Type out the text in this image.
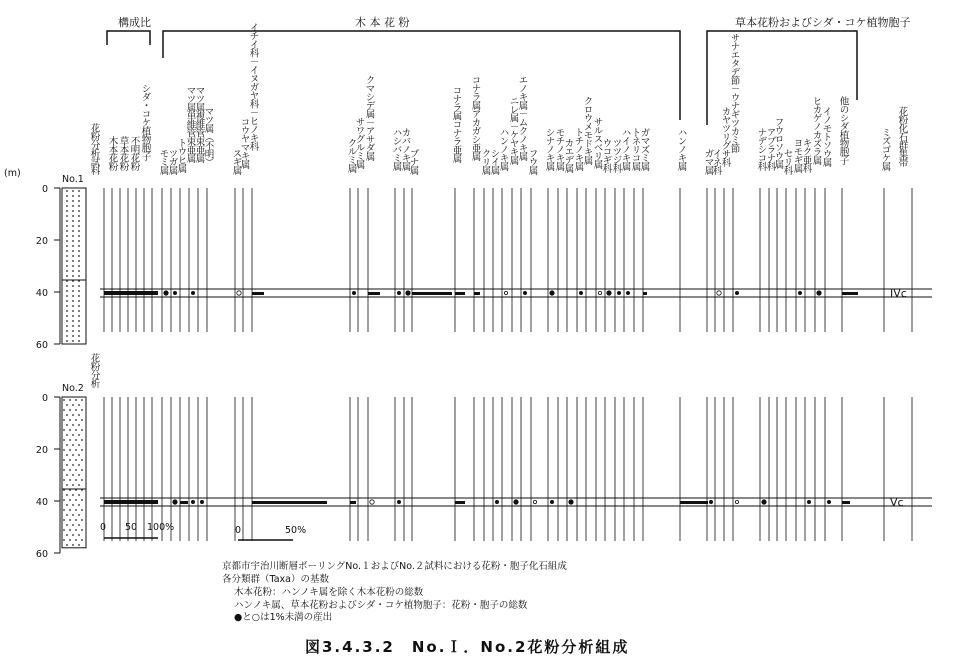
構成比	木 本 花 粉	草本花粉およびシダ・コケ植物胞子
モミ属
ツガ属
トウヒ属
マツ属単維管束亜属
マツ属複維管束亜属
マツ属（不明） スギ属
コウヤマキ属
イチイ科－イヌガヤ科－ヒノキ科
クルミ属
サワグルミ属 クマシデ属－アサダ属 ハシバミ属
カバノキ属
ブナ属	コナラ属コナラ亜属 コナラ属アカガシ亜属
クリ属
シイ属
ハンノキ属 ニレ属－ケヤキ属
エノキ属－ムクノキ属
フウ属 シナノキ属 モチノキ属
カエデ属 トチノキ属
クロウメモドキ属 サルスベリ属
ウコギ科 ツツジ科
ハイノキ属 トネリコ属
ガマズミ属	ハンノキ属 ガマ属
イネ科
カヤツリグサ科
サナエタデ節－ウナギツカミ節 ナデシコ科
アブラナ科
フウロソウ属
セリ科 ヨモギ属
キク亜科 ヒカゲノカズラ属 イノモトソウ属 他のシダ植物胞子	ミズゴケ属
木本花粉 草本花粉 不明花粉 シダ・コケ植物胞子	花粉化石群集帯
花粉分析試料
花粉分析
(m)
No.1
0
20
40
60
IVc
No.2
0
20
40
60
Vc
0 50 100%	0	50%
京都市宇治川断層ボーリングNo.１およびNo.２試料における花粉・胞子化石組成
各分類群（Taxa）の基数
木本花粉：ハンノキ属を除く木本花粉の総数
ハンノキ属、草本花粉およびシダ・コケ植物胞子：花粉・胞子の総数
●と○は1%未満の産出
図3.4.3.2　No.Ｉ．No.2花粉分析組成
